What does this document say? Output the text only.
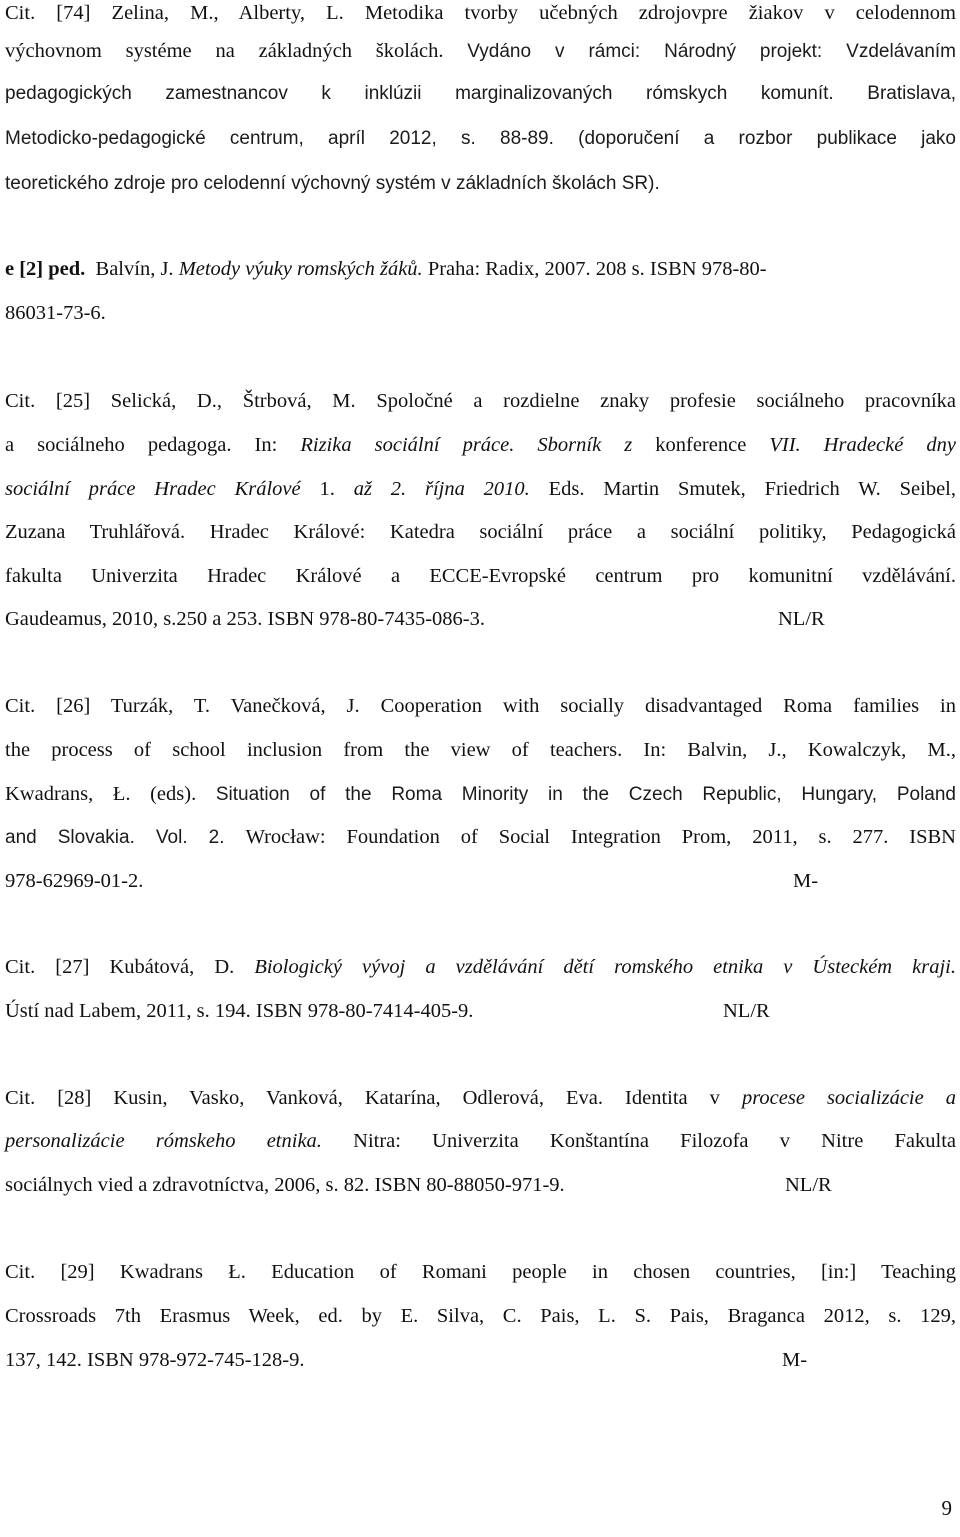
Cit. [74] Zelina, M., Alberty, L. Metodika tvorby učebných zdrojovpre žiakov v celodennom
výchovnom systéme na základných školách. Vydáno v rámci: Národný projekt: Vzdelávaním
pedagogických zamestnancov k inklúzii marginalizovaných rómskych komunít. Bratislava,
Metodicko-pedagogické centrum, apríl 2012, s. 88-89. (doporučení a rozbor publikace jako
teoretického zdroje pro celodenní výchovný systém v základních školách SR).
e [2] ped. Balvín, J. Metody výuky romských žáků. Praha: Radix, 2007. 208 s. ISBN 978-80-
86031-73-6.
Cit. [25] Selická, D., Štrbová, M. Spoločné a rozdielne znaky profesie sociálneho pracovníka
a sociálneho pedagoga. In: Rizika sociální práce. Sborník z konference VII. Hradecké dny
sociální práce Hradec Králové 1. až 2. října 2010. Eds. Martin Smutek, Friedrich W. Seibel,
Zuzana Truhlářová. Hradec Králové: Katedra sociální práce a sociální politiky, Pedagogická
fakulta Univerzita Hradec Králové a ECCE-Evropské centrum pro komunitní vzdělávání.
Gaudeamus, 2010, s.250 a 253. ISBN 978-80-7435-086-3.	NL/R
Cit. [26] Turzák, T. Vanečková, J. Cooperation with socially disadvantaged Roma families in
the process of school inclusion from the view of teachers. In: Balvin, J., Kowalczyk, M.,
Kwadrans, Ł. (eds). Situation of the Roma Minority in the Czech Republic, Hungary, Poland
and Slovakia. Vol. 2. Wrocław: Foundation of Social Integration Prom, 2011, s. 277. ISBN
978-62969-01-2.	M-
Cit. [27] Kubátová, D. Biologický vývoj a vzdělávání dětí romského etnika v Ústeckém kraji.
Ústí nad Labem, 2011, s. 194. ISBN 978-80-7414-405-9.	NL/R
Cit. [28] Kusin, Vasko, Vanková, Katarína, Odlerová, Eva. Identita v procese socializácie a
personalizácie rómskeho etnika. Nitra: Univerzita Konštantína Filozofa v Nitre Fakulta
sociálnych vied a zdravotníctva, 2006, s. 82. ISBN 80-88050-971-9.	NL/R
Cit. [29] Kwadrans Ł. Education of Romani people in chosen countries, [in:] Teaching
Crossroads 7th Erasmus Week, ed. by E. Silva, C. Pais, L. S. Pais, Braganca 2012, s. 129,
137, 142. ISBN 978-972-745-128-9.	M-
9
